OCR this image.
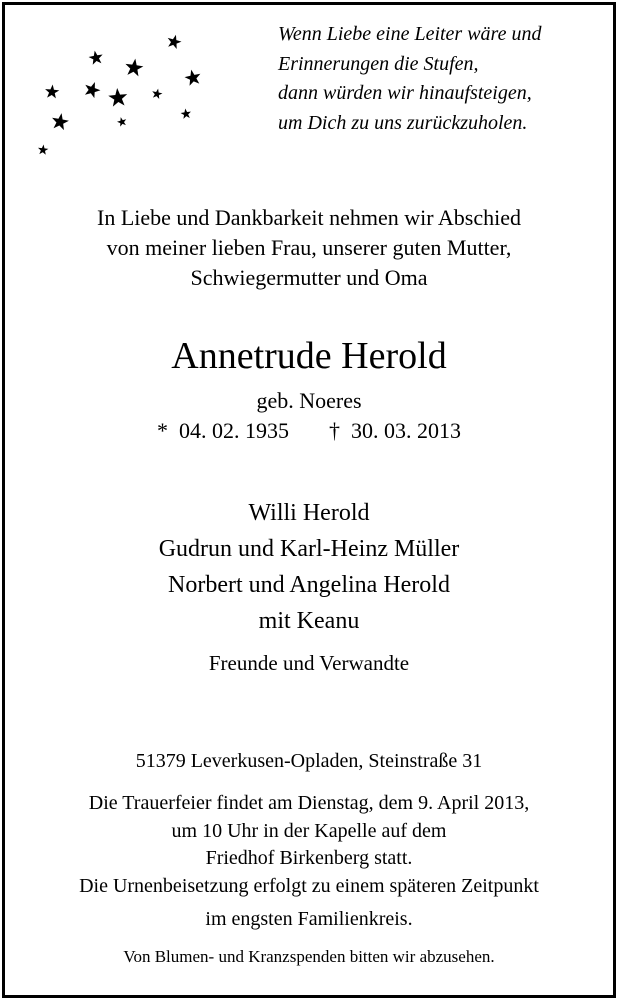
Wenn Liebe eine Leiter wäre und
Erinnerungen die Stufen,
dann würden wir hinaufsteigen,
um Dich zu uns zurückzuholen.
In Liebe und Dankbarkeit nehmen wir Abschied
von meiner lieben Frau, unserer guten Mutter,
Schwiegermutter und Oma
Annetrude Herold
geb. Noeres
* 04. 02. 1935 † 30. 03. 2013
Willi Herold
Gudrun und Karl-Heinz Müller
Norbert und Angelina Herold
mit Keanu
Freunde und Verwandte
51379 Leverkusen-Opladen, Steinstraße 31
Die Trauerfeier findet am Dienstag, dem 9. April 2013,
um 10 Uhr in der Kapelle auf dem
Friedhof Birkenberg statt.
Die Urnenbeisetzung erfolgt zu einem späteren Zeitpunkt
im engsten Familienkreis.
Von Blumen- und Kranzspenden bitten wir abzusehen.
